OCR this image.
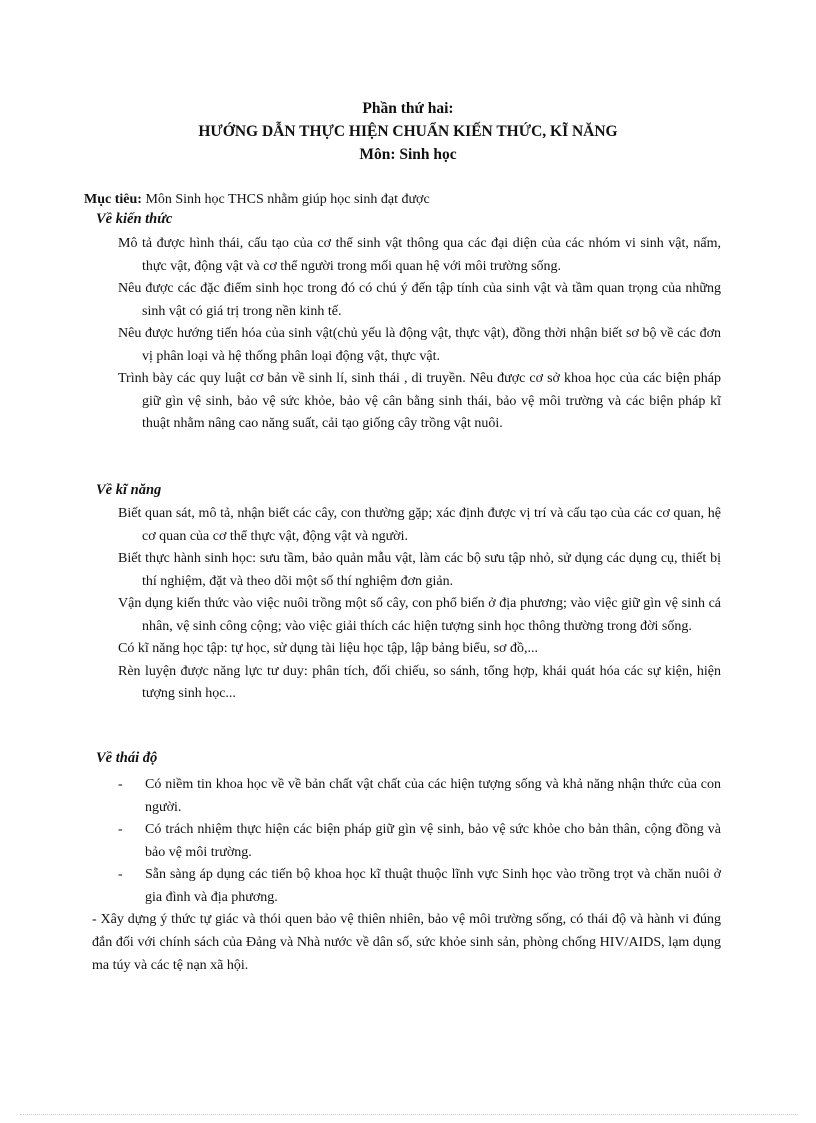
Phần thứ hai:
HƯỚNG DẪN THỰC HIỆN CHUẨN KIẾN THỨC, KĨ NĂNG
Môn: Sinh học
Mục tiêu: Môn Sinh học THCS nhằm giúp học sinh đạt được
Về kiến thức

Mô tả được hình thái, cấu tạo của cơ thể sinh vật thông qua các đại diện của các nhóm vi sinh vật, nấm, thực vật, động vật và cơ thể người trong mối quan hệ với môi trường sống.

Nêu được các đặc điểm sinh học trong đó có chú ý đến tập tính của sinh vật và tầm quan trọng của những sinh vật có giá trị trong nền kinh tế.

Nêu được hướng tiến hóa của sinh vật(chủ yếu là động vật, thực vật), đồng thời nhận biết sơ bộ về các đơn vị phân loại và hệ thống phân loại động vật, thực vật.

Trình bày các quy luật cơ bản về sinh lí, sinh thái , di truyền. Nêu được cơ sở khoa học của các biện pháp giữ gìn vệ sinh, bảo vệ sức khỏe, bảo vệ cân bằng sinh thái, bảo vệ môi trường và các biện pháp kĩ thuật nhằm nâng cao năng suất, cải tạo giống cây trồng vật nuôi.

Về kĩ năng

Biết quan sát, mô tả, nhận biết các cây, con thường gặp; xác định được vị trí và cấu tạo của các cơ quan, hệ cơ quan của cơ thể thực vật, động vật và người.

Biết thực hành sinh học: sưu tầm, bảo quản mẫu vật, làm các bộ sưu tập nhỏ, sử dụng các dụng cụ, thiết bị thí nghiệm, đặt và theo dõi một số thí nghiệm đơn giản.

Vận dụng kiến thức vào việc nuôi trồng một số cây, con phổ biến ở địa phương; vào việc giữ gìn vệ sinh cá nhân, vệ sinh công cộng; vào việc giải thích các hiện tượng sinh học thông thường trong đời sống.

Có kĩ năng học tập: tự học, sử dụng tài liệu học tập, lập bảng biểu, sơ đồ,...

Rèn luyện được năng lực tư duy: phân tích, đối chiếu, so sánh, tổng hợp, khái quát hóa các sự kiện, hiện tượng sinh học...

Về thái độ
- Có niềm tin khoa học về về bản chất vật chất của các hiện tượng sống và khả năng nhận thức của con người.
- Có trách nhiệm thực hiện các biện pháp giữ gìn vệ sinh, bảo vệ sức khỏe cho bản thân, cộng đồng và bảo vệ môi trường.
- Sẵn sàng áp dụng các tiến bộ khoa học kĩ thuật thuộc lĩnh vực Sinh học vào trồng trọt và chăn nuôi ở gia đình và địa phương.
- Xây dựng ý thức tự giác và thói quen bảo vệ thiên nhiên, bảo vệ môi trường sống, có thái độ và hành vi đúng đắn đối với chính sách của Đảng và Nhà nước về dân số, sức khỏe sinh sản, phòng chống HIV/AIDS, lạm dụng ma túy và các tệ nạn xã hội.
